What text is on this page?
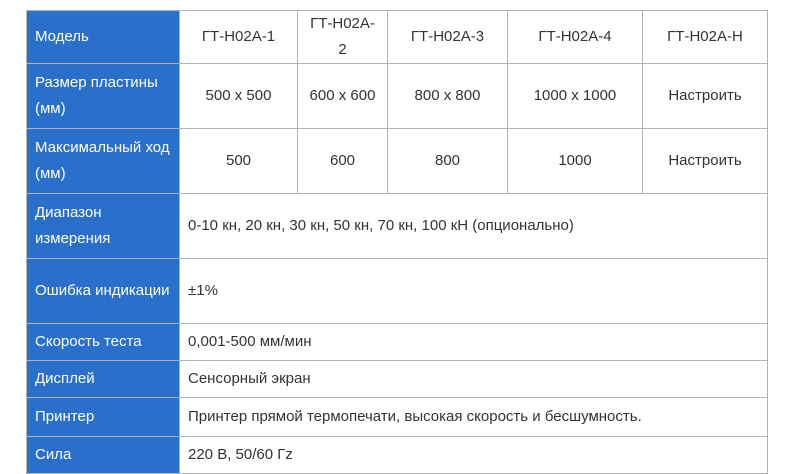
Модель	ГТ-H02A-1	ГТ-H02A-2	ГТ-H02A-3	ГТ-H02A-4	ГТ-H02A-Н
Размер пластины (мм)	500 x 500	600 x 600	800 x 800	1000 x 1000	Настроить
Максимальный ход (мм)	500	600	800	1000	Настроить
Диапазон измерения	0-10 кн, 20 кн, 30 кн, 50 кн, 70 кн, 100 кН (опционально)				
Ошибка индикации	±1%				
Скорость теста	0,001-500 мм/мин				
Дисплей	Сенсорный экран				
Принтер	Принтер прямой термопечати, высокая скорость и бесшумность.				
Сила	220 В, 50/60 Гz				
